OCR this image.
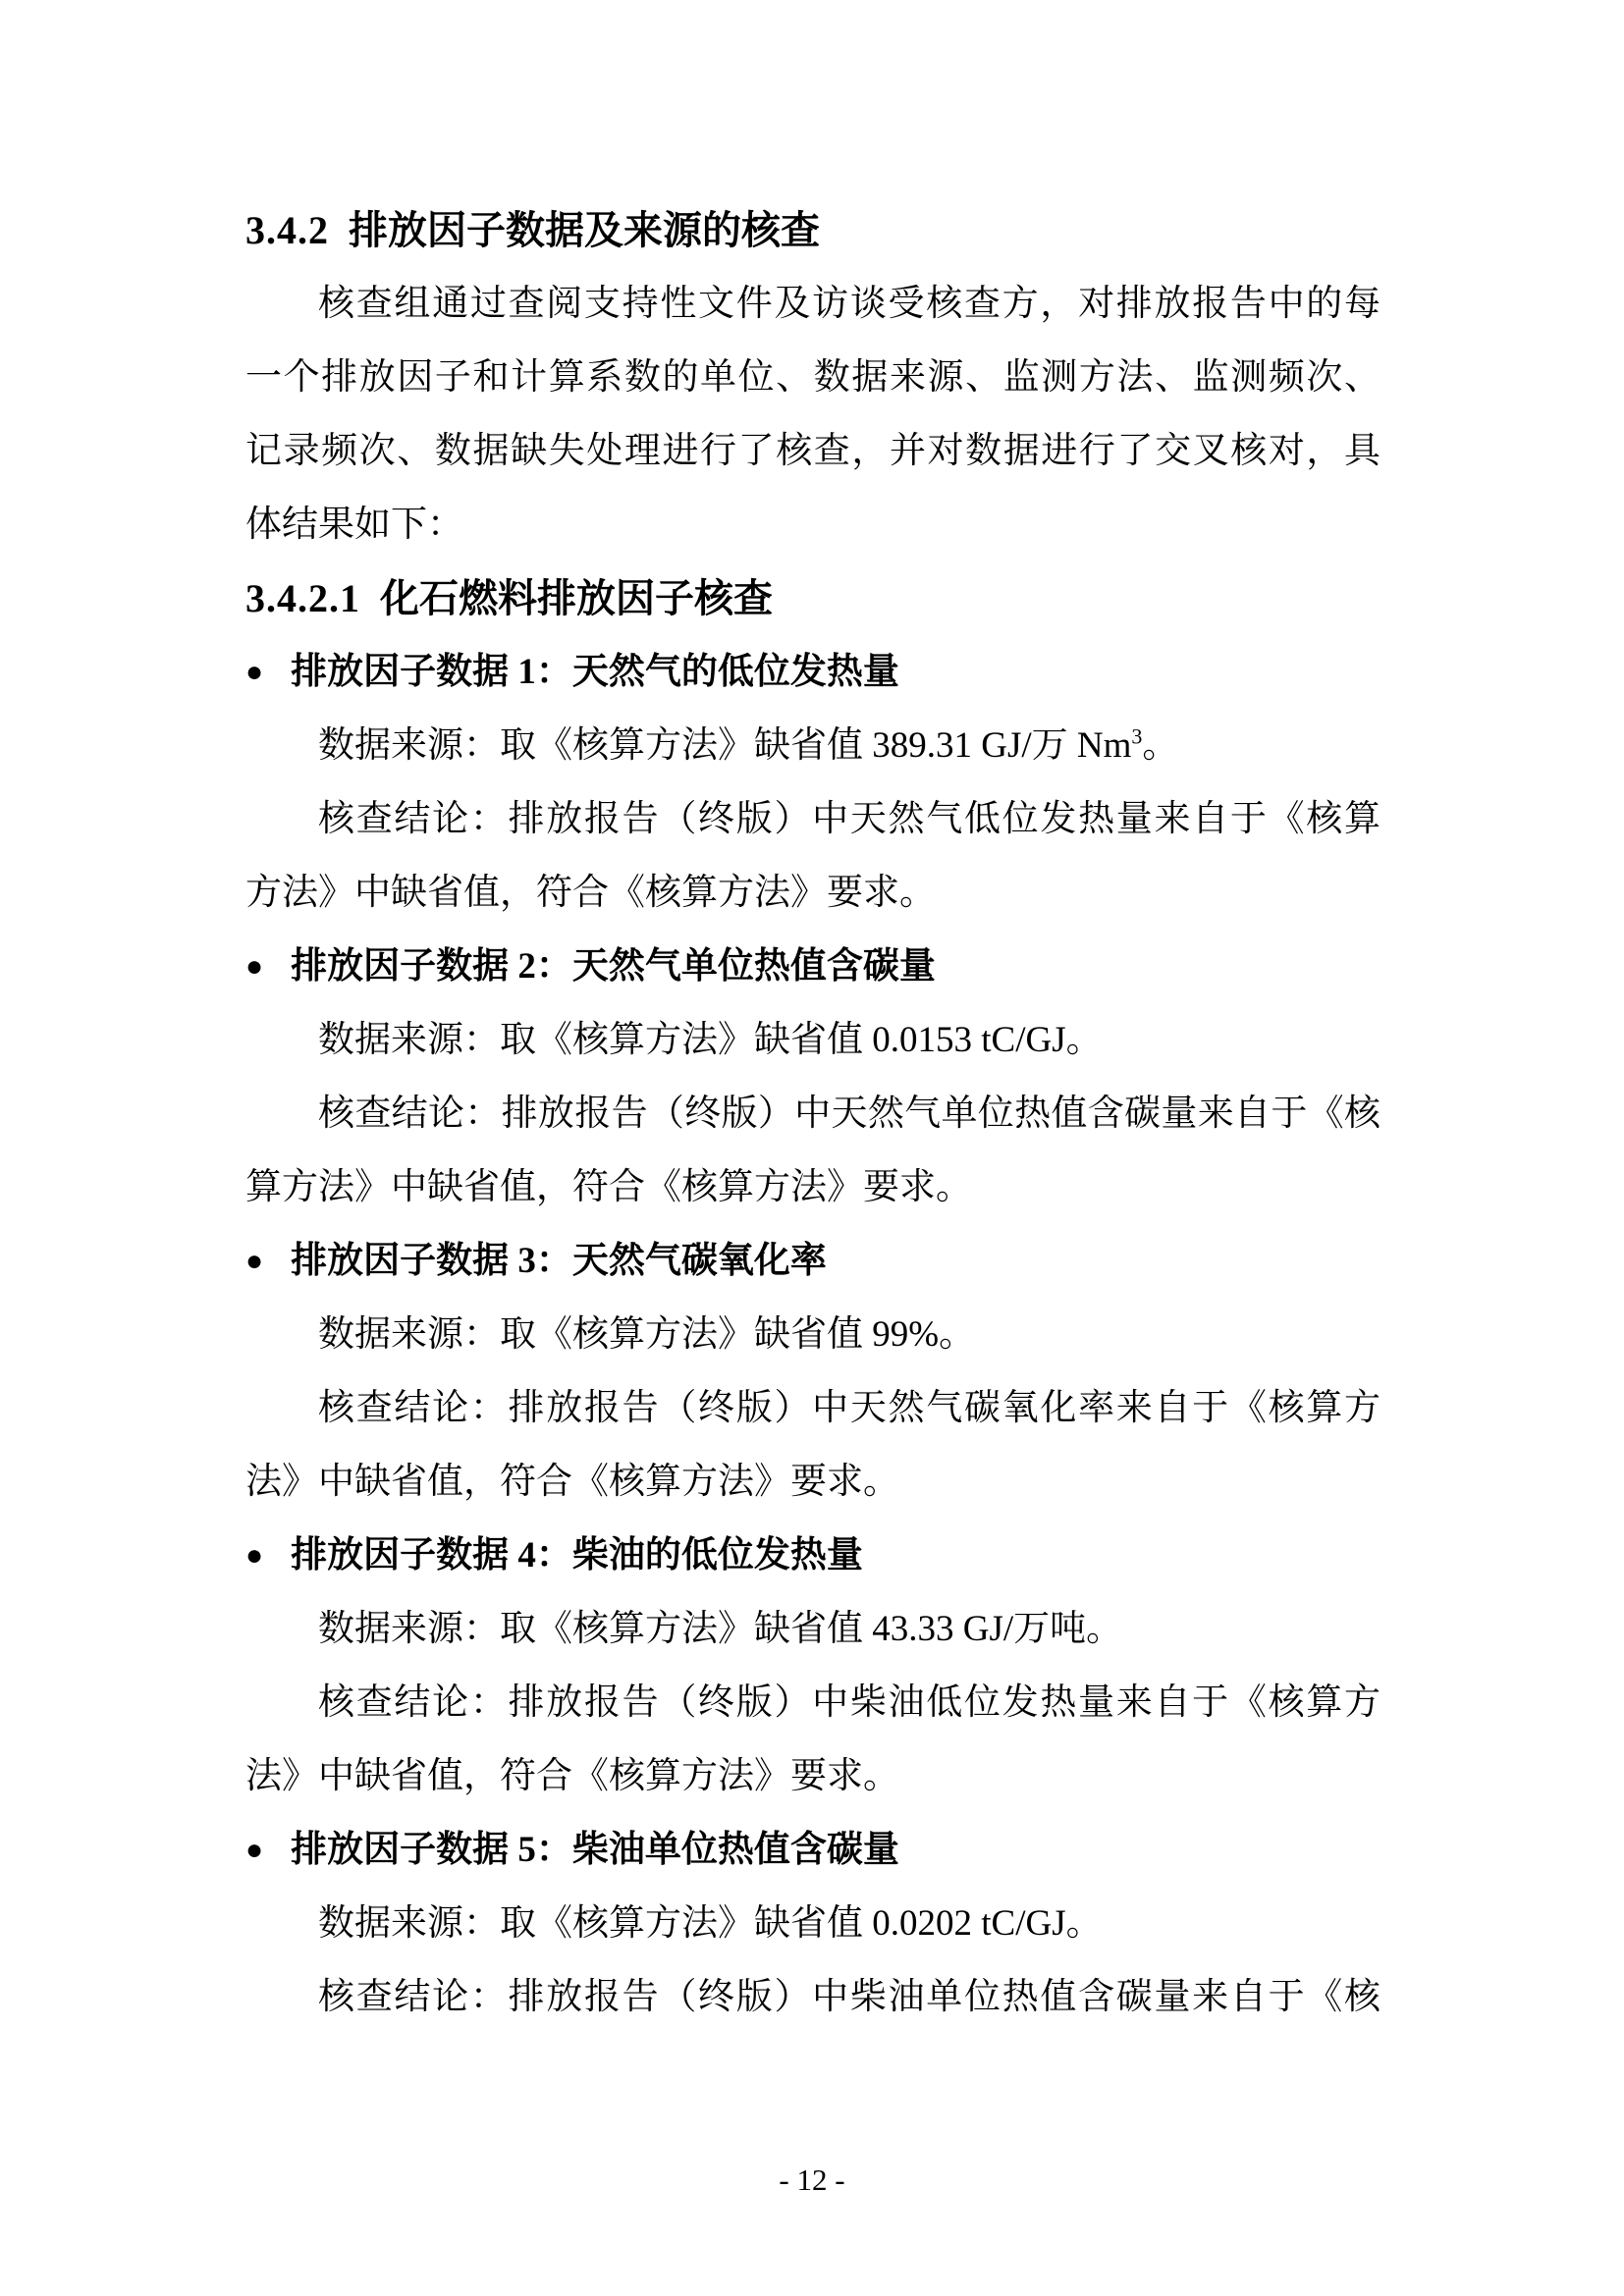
3.4.2 排放因子数据及来源的核查
核查组通过查阅支持性文件及访谈受核查方，对排放报告中的每
一个排放因子和计算系数的单位、数据来源、监测方法、监测频次、
记录频次、数据缺失处理进行了核查，并对数据进行了交叉核对，具
体结果如下：
3.4.2.1 化石燃料排放因子核查
● 排放因子数据 1：天然气的低位发热量
数据来源：取《核算方法》缺省值 389.31 GJ/万 Nm$^3$。
核查结论：排放报告（终版）中天然气低位发热量来自于《核算
方法》中缺省值，符合《核算方法》要求。
● 排放因子数据 2：天然气单位热值含碳量
数据来源：取《核算方法》缺省值 0.0153 tC/GJ。
核查结论：排放报告（终版）中天然气单位热值含碳量来自于《核
算方法》中缺省值，符合《核算方法》要求。
● 排放因子数据 3：天然气碳氧化率
数据来源：取《核算方法》缺省值 99%。
核查结论：排放报告（终版）中天然气碳氧化率来自于《核算方
法》中缺省值，符合《核算方法》要求。
● 排放因子数据 4：柴油的低位发热量
数据来源：取《核算方法》缺省值 43.33 GJ/万吨。
核查结论：排放报告（终版）中柴油低位发热量来自于《核算方
法》中缺省值，符合《核算方法》要求。
● 排放因子数据 5：柴油单位热值含碳量
数据来源：取《核算方法》缺省值 0.0202 tC/GJ。
核查结论：排放报告（终版）中柴油单位热值含碳量来自于《核
- 12 -
